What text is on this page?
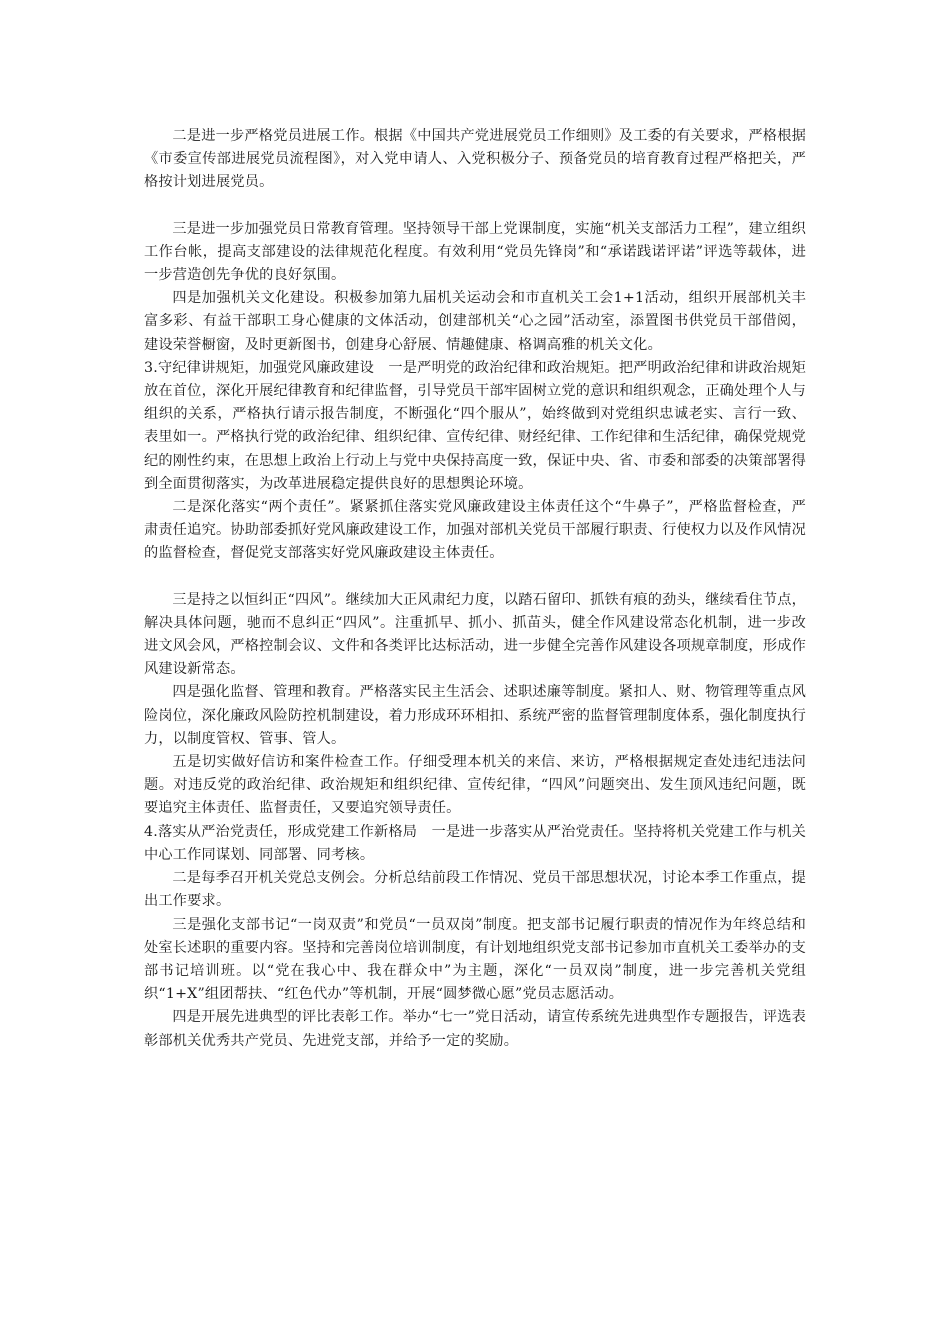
二是进一步严格党员进展工作。根据《中国共产党进展党员工作细则》及工委的有关要求，严格根据《市委宣传部进展党员流程图》，对入党申请人、入党积极分子、预备党员的培育教育过程严格把关，严格按计划进展党员。

三是进一步加强党员日常教育管理。坚持领导干部上党课制度，实施“机关支部活力工程”，建立组织工作台帐，提高支部建设的法律规范化程度。有效利用“党员先锋岗”和“承诺践诺评诺”评选等载体，进一步营造创先争优的良好氛围。

四是加强机关文化建设。积极参加第九届机关运动会和市直机关工会1+1活动，组织开展部机关丰富多彩、有益干部职工身心健康的文体活动，创建部机关“心之园”活动室，添置图书供党员干部借阅，建设荣誉橱窗，及时更新图书，创建身心舒展、情趣健康、格调高雅的机关文化。

3.守纪律讲规矩，加强党风廉政建设　一是严明党的政治纪律和政治规矩。把严明政治纪律和讲政治规矩放在首位，深化开展纪律教育和纪律监督，引导党员干部牢固树立党的意识和组织观念，正确处理个人与组织的关系，严格执行请示报告制度，不断强化“四个服从”，始终做到对党组织忠诚老实、言行一致、表里如一。严格执行党的政治纪律、组织纪律、宣传纪律、财经纪律、工作纪律和生活纪律，确保党规党纪的刚性约束，在思想上政治上行动上与党中央保持高度一致，保证中央、省、市委和部委的决策部署得到全面贯彻落实，为改革进展稳定提供良好的思想舆论环境。

二是深化落实“两个责任”。紧紧抓住落实党风廉政建设主体责任这个“牛鼻子”，严格监督检查，严肃责任追究。协助部委抓好党风廉政建设工作，加强对部机关党员干部履行职责、行使权力以及作风情况的监督检查，督促党支部落实好党风廉政建设主体责任。

三是持之以恒纠正“四风”。继续加大正风肃纪力度，以踏石留印、抓铁有痕的劲头，继续看住节点，解决具体问题，驰而不息纠正“四风”。注重抓早、抓小、抓苗头，健全作风建设常态化机制，进一步改进文风会风，严格控制会议、文件和各类评比达标活动，进一步健全完善作风建设各项规章制度，形成作风建设新常态。

四是强化监督、管理和教育。严格落实民主生活会、述职述廉等制度。紧扣人、财、物管理等重点风险岗位，深化廉政风险防控机制建设，着力形成环环相扣、系统严密的监督管理制度体系，强化制度执行力，以制度管权、管事、管人。

五是切实做好信访和案件检查工作。仔细受理本机关的来信、来访，严格根据规定查处违纪违法问题。对违反党的政治纪律、政治规矩和组织纪律、宣传纪律，“四风”问题突出、发生顶风违纪问题，既要追究主体责任、监督责任，又要追究领导责任。

4.落实从严治党责任，形成党建工作新格局　一是进一步落实从严治党责任。坚持将机关党建工作与机关中心工作同谋划、同部署、同考核。

二是每季召开机关党总支例会。分析总结前段工作情况、党员干部思想状况，讨论本季工作重点，提出工作要求。

三是强化支部书记“一岗双责”和党员“一员双岗”制度。把支部书记履行职责的情况作为年终总结和处室长述职的重要内容。坚持和完善岗位培训制度，有计划地组织党支部书记参加市直机关工委举办的支部书记培训班。以“党在我心中、我在群众中”为主题，深化“一员双岗”制度，进一步完善机关党组织“1+X”组团帮扶、“红色代办”等机制，开展“圆梦微心愿”党员志愿活动。

四是开展先进典型的评比表彰工作。举办“七一”党日活动，请宣传系统先进典型作专题报告，评选表彰部机关优秀共产党员、先进党支部，并给予一定的奖励。
